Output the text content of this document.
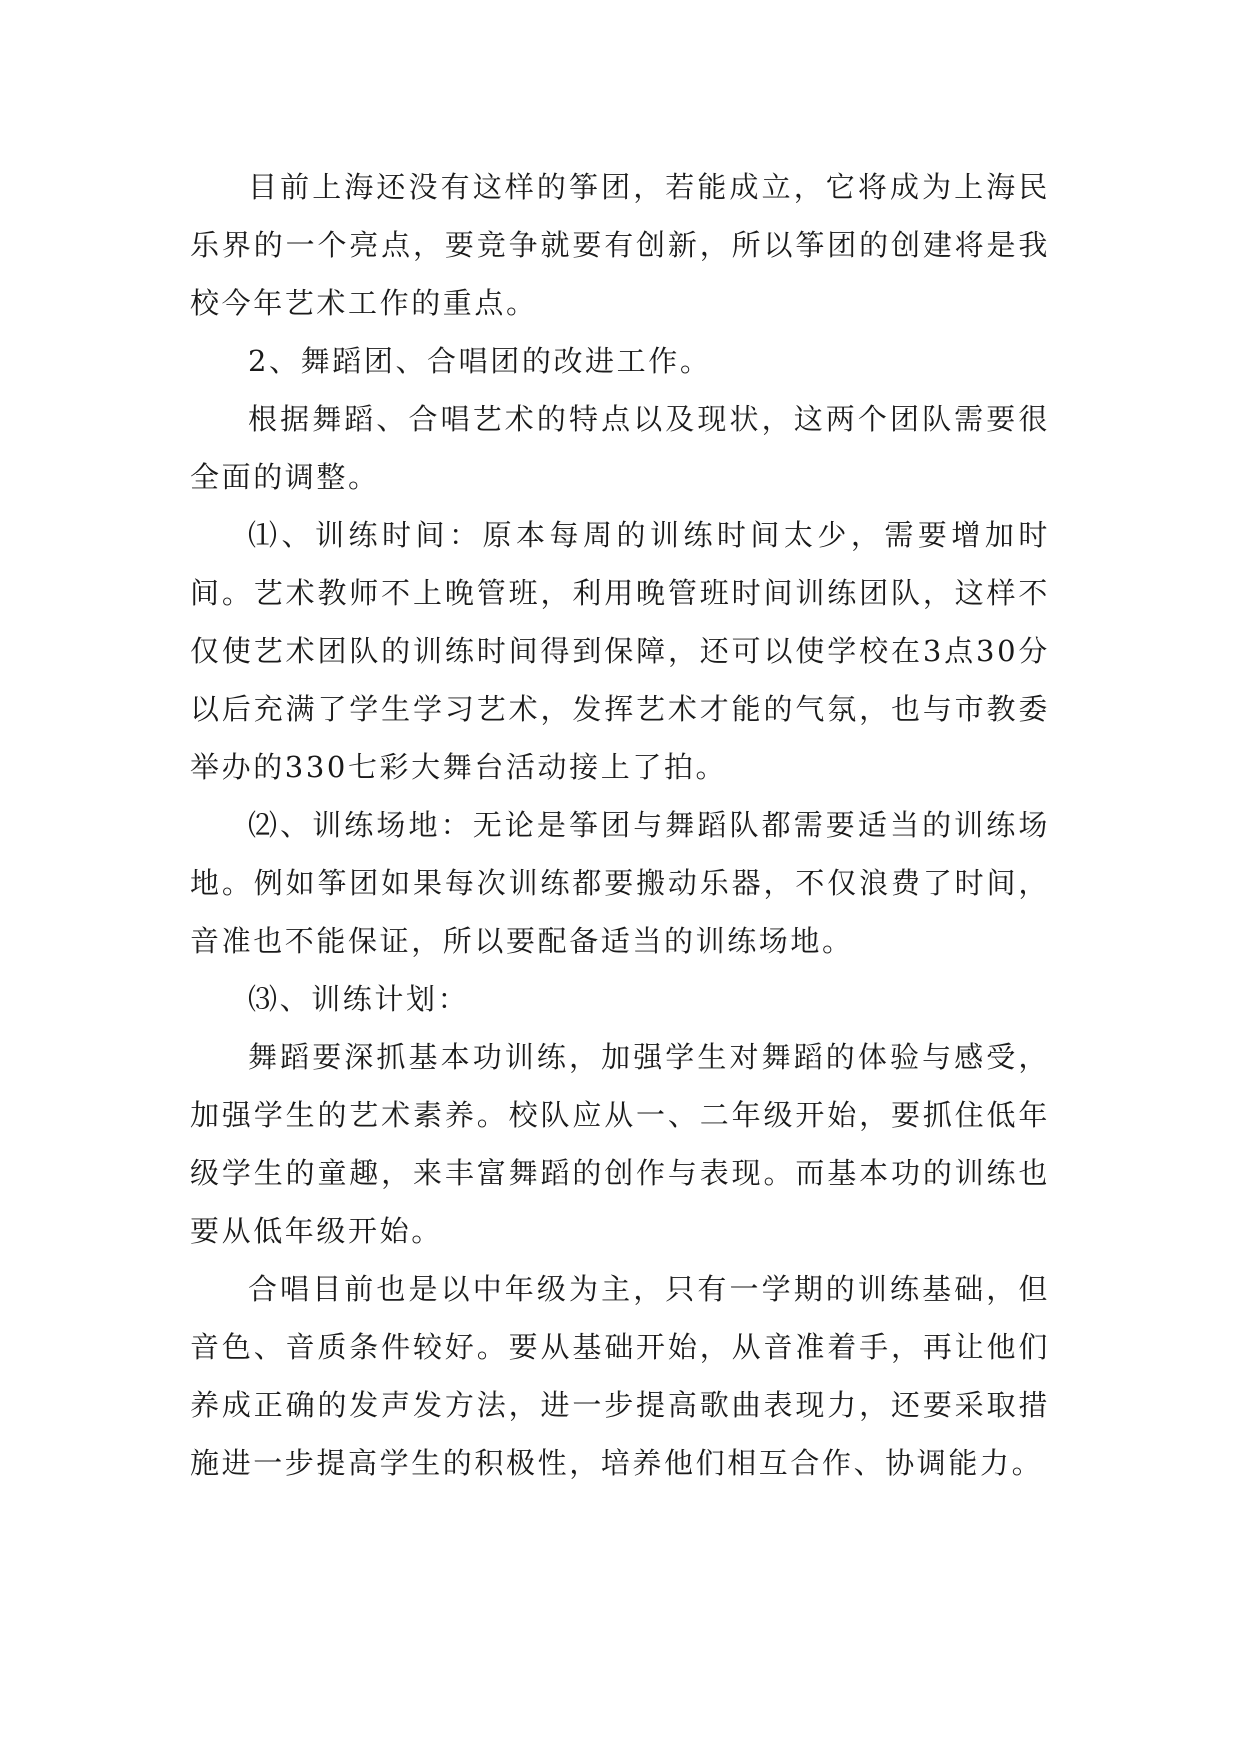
目前上海还没有这样的筝团，若能成立，它将成为上海民乐界的一个亮点，要竞争就要有创新，所以筝团的创建将是我校今年艺术工作的重点。

2、舞蹈团、合唱团的改进工作。

根据舞蹈、合唱艺术的特点以及现状，这两个团队需要很全面的调整。

⑴、训练时间：原本每周的训练时间太少，需要增加时间。艺术教师不上晚管班，利用晚管班时间训练团队，这样不仅使艺术团队的训练时间得到保障，还可以使学校在3点30分以后充满了学生学习艺术，发挥艺术才能的气氛，也与市教委举办的330七彩大舞台活动接上了拍。

⑵、训练场地：无论是筝团与舞蹈队都需要适当的训练场地。例如筝团如果每次训练都要搬动乐器，不仅浪费了时间，音准也不能保证，所以要配备适当的训练场地。

⑶、训练计划：

舞蹈要深抓基本功训练，加强学生对舞蹈的体验与感受，加强学生的艺术素养。校队应从一、二年级开始，要抓住低年级学生的童趣，来丰富舞蹈的创作与表现。而基本功的训练也要从低年级开始。

合唱目前也是以中年级为主，只有一学期的训练基础，但音色、音质条件较好。要从基础开始，从音准着手，再让他们养成正确的发声发方法，进一步提高歌曲表现力，还要采取措施进一步提高学生的积极性，培养他们相互合作、协调能力。
